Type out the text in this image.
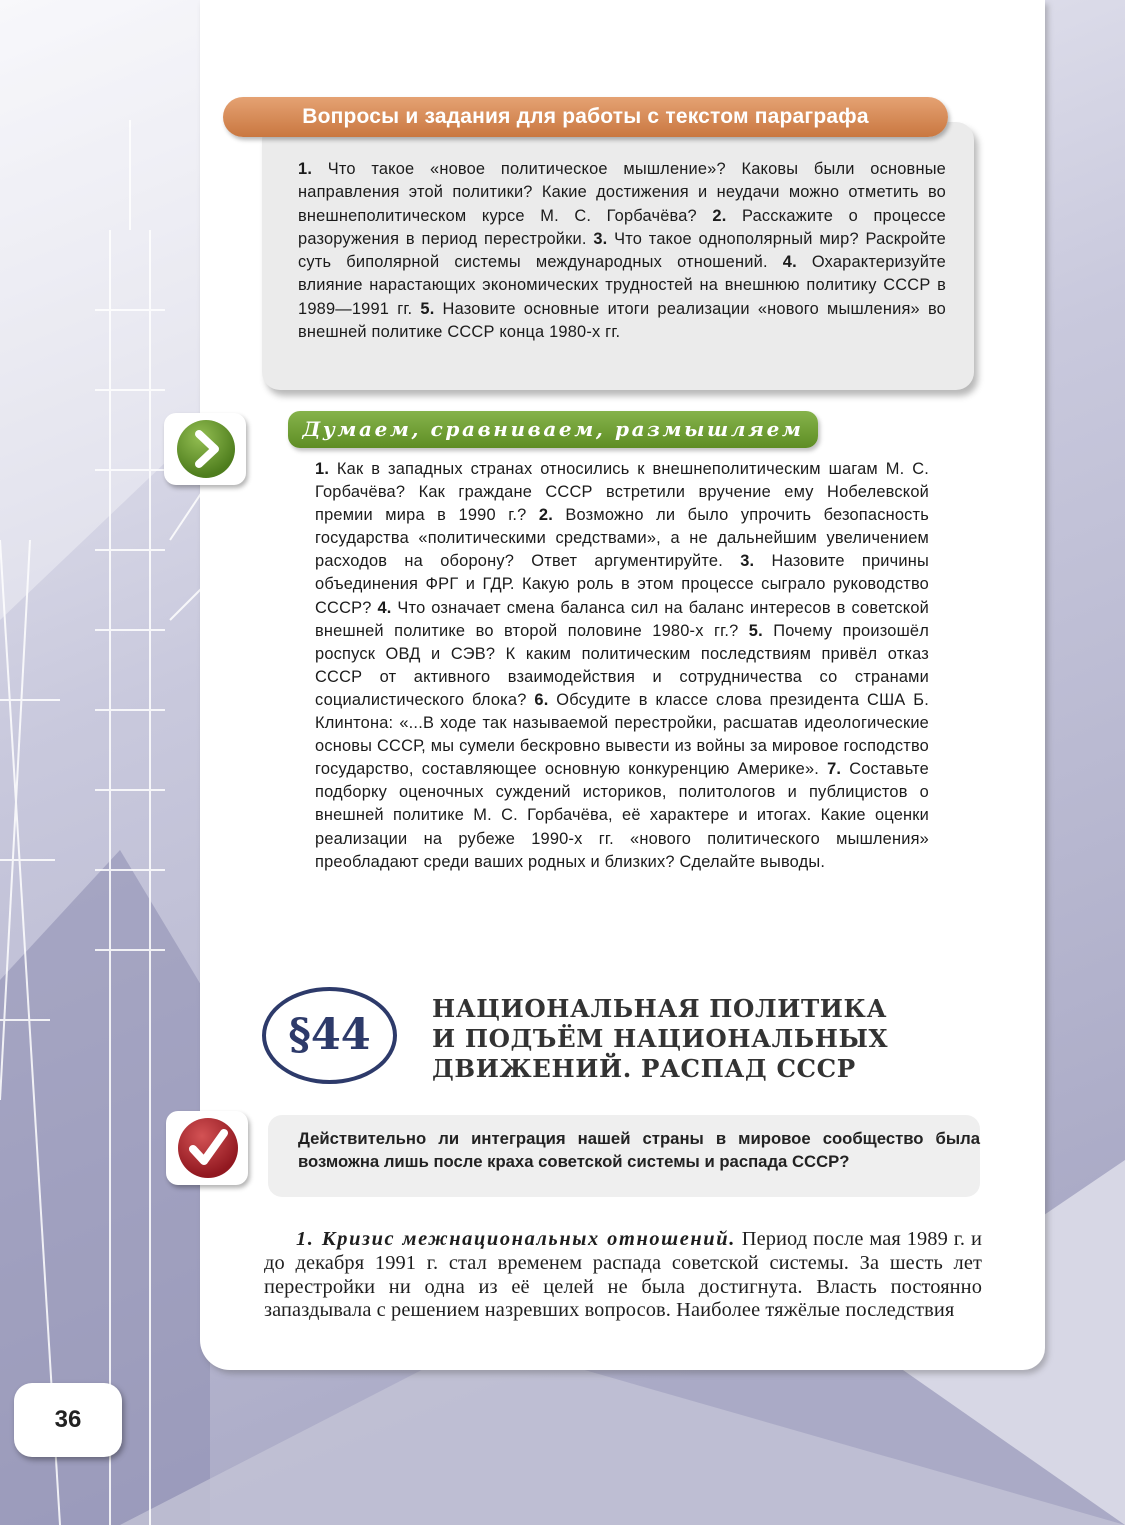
Вопросы и задания для работы с текстом параграфа

1. Что такое «новое политическое мышление»? Каковы были основные направления этой политики? Какие достижения и неудачи можно отметить во внешнеполитическом курсе М. С. Горбачёва? 2. Расскажите о процессе разоружения в период перестройки. 3. Что такое однополярный мир? Раскройте суть биполярной системы международных отношений. 4. Охарактеризуйте влияние нарастающих экономических трудностей на внешнюю политику СССР в 1989—1991 гг. 5. Назовите основные итоги реализации «нового мышления» во внешней политике СССР конца 1980-х гг.

Думаем, сравниваем, размышляем

1. Как в западных странах относились к внешнеполитическим шагам М. С. Горбачёва? Как граждане СССР встретили вручение ему Нобелевской премии мира в 1990 г.? 2. Возможно ли было упрочить безопасность государства «политическими средствами», а не дальнейшим увеличением расходов на оборону? Ответ аргументируйте. 3. Назовите причины объединения ФРГ и ГДР. Какую роль в этом процессе сыграло руководство СССР? 4. Что означает смена баланса сил на баланс интересов в советской внешней политике во второй половине 1980-х гг.? 5. Почему произошёл роспуск ОВД и СЭВ? К каким политическим последствиям привёл отказ СССР от активного взаимодействия и сотрудничества со странами социалистического блока? 6. Обсудите в классе слова президента США Б. Клинтона: «...В ходе так называемой перестройки, расшатав идеологические основы СССР, мы сумели бескровно вывести из войны за мировое господство государство, составляющее основную конкуренцию Америке». 7. Составьте подборку оценочных суждений историков, политологов и публицистов о внешней политике М. С. Горбачёва, её характере и итогах. Какие оценки реализации на рубеже 1990-х гг. «нового политического мышления» преобладают среди ваших родных и близких? Сделайте выводы.

§44
НАЦИОНАЛЬНАЯ ПОЛИТИКА
И ПОДЪЁМ НАЦИОНАЛЬНЫХ
ДВИЖЕНИЙ. РАСПАД СССР

Действительно ли интеграция нашей страны в мировое сообщество была возможна лишь после краха советской системы и распада СССР?

1. Кризис межнациональных отношений. Период после мая 1989 г. и до декабря 1991 г. стал временем распада советской системы. За шесть лет перестройки ни одна из её целей не была достигнута. Власть постоянно запаздывала с решением назревших вопросов. Наиболее тяжёлые последствия

36
